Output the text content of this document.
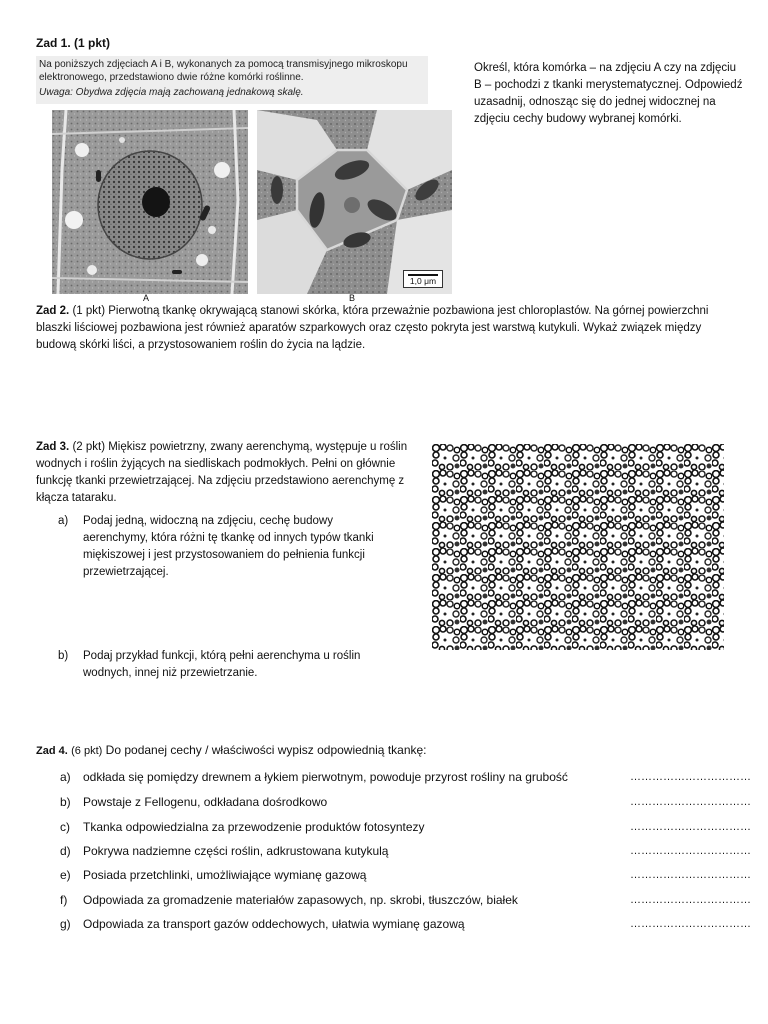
Zad 1. (1 pkt)
Na poniższych zdjęciach A i B, wykonanych za pomocą transmisyjnego mikroskopu elektronowego, przedstawiono dwie różne komórki roślinne.
Uwaga: Obydwa zdjęcia mają zachowaną jednakową skalę.
1,0 μm
A	B
Określ, która komórka – na zdjęciu A czy na zdjęciu B – pochodzi z tkanki merystematycznej. Odpowiedź uzasadnij, odnosząc się do jednej widocznej na zdjęciu cechy budowy wybranej komórki.
Zad 2. (1 pkt) Pierwotną tkankę okrywającą stanowi skórka, która przeważnie pozbawiona jest chloroplastów. Na górnej powierzchni blaszki liściowej pozbawiona jest również aparatów szparkowych oraz często pokryta jest warstwą kutykuli. Wykaż związek między budową skórki liści, a przystosowaniem roślin do życia na lądzie.
Zad 3. (2 pkt) Miękisz powietrzny, zwany aerenchymą, występuje u roślin wodnych i roślin żyjących na siedliskach podmokłych. Pełni on głównie funkcję tkanki przewietrzającej. Na zdjęciu przedstawiono aerenchymę z kłącza tataraku.
a) Podaj jedną, widoczną na zdjęciu, cechę budowy aerenchymy, która różni tę tkankę od innych typów tkanki miękiszowej i jest przystosowaniem do pełnienia funkcji przewietrzającej.
b) Podaj przykład funkcji, którą pełni aerenchyma u roślin wodnych, innej niż przewietrzanie.
Zad 4. (6 pkt) Do podanej cechy / właściwości wypisz odpowiednią tkankę:
a) odkłada się pomiędzy drewnem a łykiem pierwotnym, powoduje przyrost rośliny na grubość	……………………………
b) Powstaje z Fellogenu, odkładana dośrodkowo	……………………………
c) Tkanka odpowiedzialna za przewodzenie produktów fotosyntezy	……………………………
d) Pokrywa nadziemne części roślin, adkrustowana kutykulą	……………………………
e) Posiada przetchlinki, umożliwiające wymianę gazową	……………………………
f) Odpowiada za gromadzenie materiałów zapasowych, np. skrobi, tłuszczów, białek	……………………………
g) Odpowiada za transport gazów oddechowych, ułatwia wymianę gazową	……………………………
